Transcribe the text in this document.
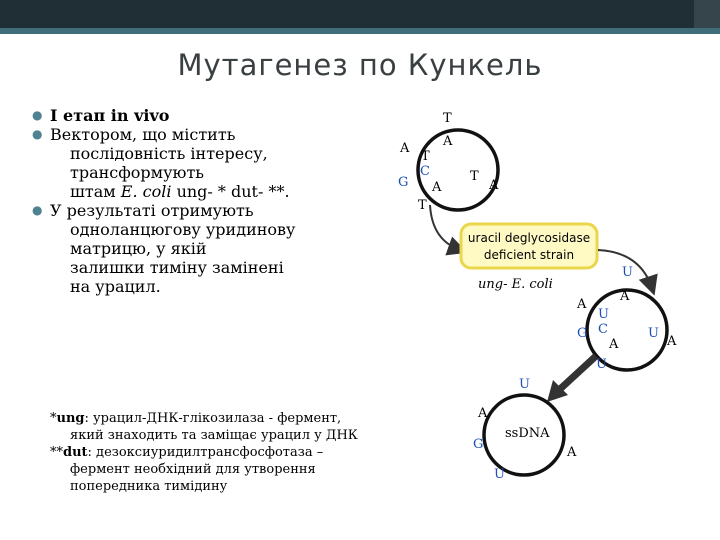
Мутагенез по Кункель
● I етап in vivo
● Вектором, що містить
послідовність інтересу,
трансформують
штам E. coli ung- * dut- **.
● У результаті отримують
одноланцюгову уридинову
матрицю, у якій
залишки тиміну замінені
на урацил.

*ung: урацил-ДНК-глікозилаза - фермент,

який знаходить та заміщає урацил у ДНК

**dut: дезоксиуридилтрансфосфотаза –

фермент необхідний для утворення
попередника тимідину
T
A
A
T
G
C
A
T
A
T
uracil deglycosidase
deficient strain
ung- E. coli
U
A
A
U
G C
A
U
U
A
U
A
G
U
A
ssDNA
